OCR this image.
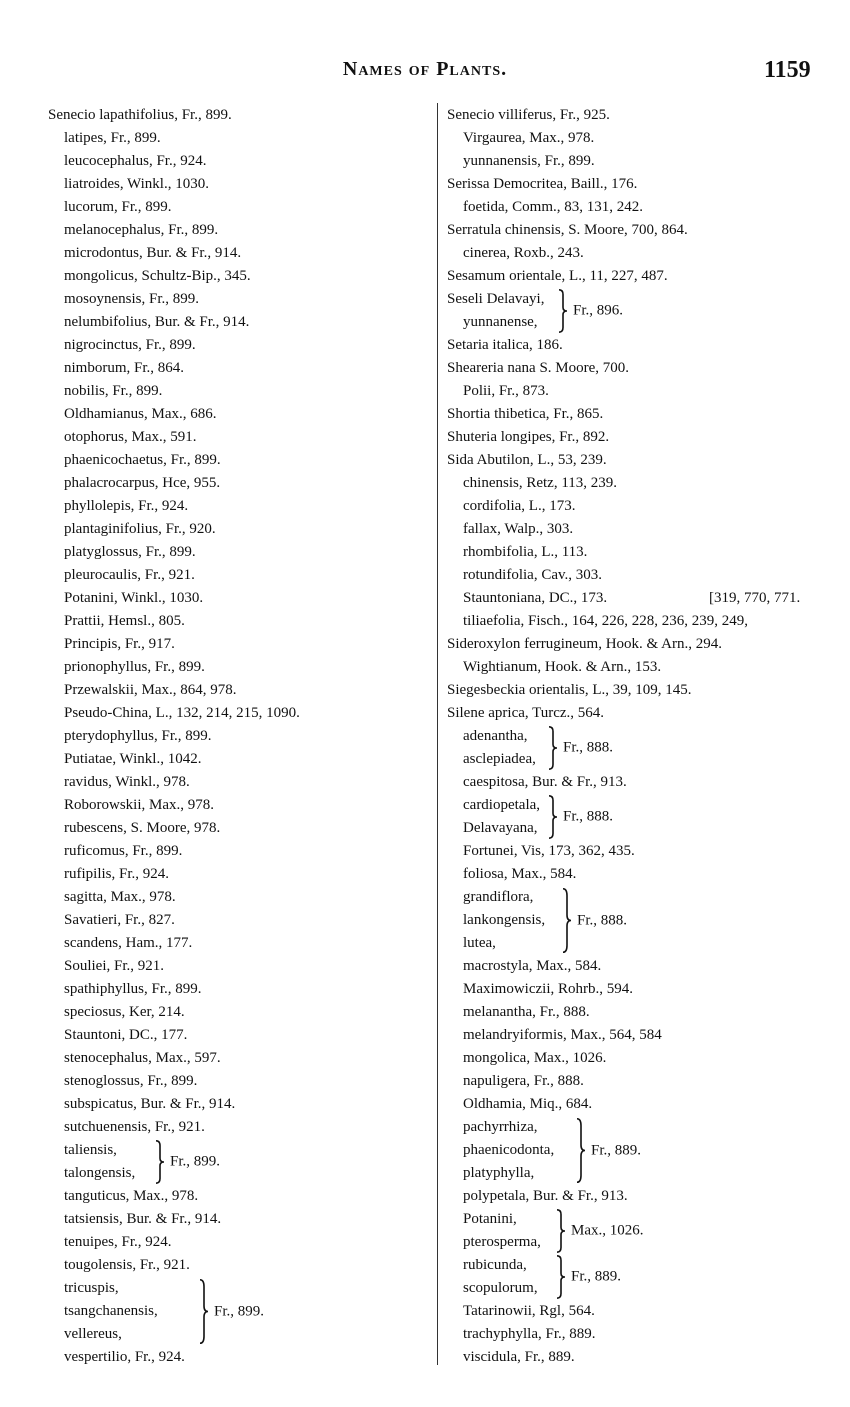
Names of Plants.	1159
Senecio lapathifolius, Fr., 899.
latipes, Fr., 899.
leucocephalus, Fr., 924.
liatroides, Winkl., 1030.
lucorum, Fr., 899.
melanocephalus, Fr., 899.
microdontus, Bur. & Fr., 914.
mongolicus, Schultz-Bip., 345.
mosoynensis, Fr., 899.
nelumbifolius, Bur. & Fr., 914.
nigrocinctus, Fr., 899.
nimborum, Fr., 864.
nobilis, Fr., 899.
Oldhamianus, Max., 686.
otophorus, Max., 591.
phaenicochaetus, Fr., 899.
phalacrocarpus, Hce, 955.
phyllolepis, Fr., 924.
plantaginifolius, Fr., 920.
platyglossus, Fr., 899.
pleurocaulis, Fr., 921.
Potanini, Winkl., 1030.
Prattii, Hemsl., 805.
Principis, Fr., 917.
prionophyllus, Fr., 899.
Przewalskii, Max., 864, 978.
Pseudo-China, L., 132, 214, 215, 1090.
pterydophyllus, Fr., 899.
Putiatae, Winkl., 1042.
ravidus, Winkl., 978.
Roborowskii, Max., 978.
rubescens, S. Moore, 978.
ruficomus, Fr., 899.
rufipilis, Fr., 924.
sagitta, Max., 978.
Savatieri, Fr., 827.
scandens, Ham., 177.
Souliei, Fr., 921.
spathiphyllus, Fr., 899.
speciosus, Ker, 214.
Stauntoni, DC., 177.
stenocephalus, Max., 597.
stenoglossus, Fr., 899.
subspicatus, Bur. & Fr., 914.
sutchuenensis, Fr., 921.
taliensis,
talongensis,
Fr., 899.
tanguticus, Max., 978.
tatsiensis, Bur. & Fr., 914.
tenuipes, Fr., 924.
tougolensis, Fr., 921.
tricuspis,
tsangchanensis,
vellereus,
Fr., 899.
vespertilio, Fr., 924.
Senecio villiferus, Fr., 925.
Virgaurea, Max., 978.
yunnanensis, Fr., 899.
Serissa Democritea, Baill., 176.
foetida, Comm., 83, 131, 242.
Serratula chinensis, S. Moore, 700, 864.
cinerea, Roxb., 243.
Sesamum orientale, L., 11, 227, 487.
Seseli Delavayi,
yunnanense,
Fr., 896.
Setaria italica, 186.
Sheareria nana S. Moore, 700.
Polii, Fr., 873.
Shortia thibetica, Fr., 865.
Shuteria longipes, Fr., 892.
Sida Abutilon, L., 53, 239.
chinensis, Retz, 113, 239.
cordifolia, L., 173.
fallax, Walp., 303.
rhombifolia, L., 113.
rotundifolia, Cav., 303.
Stauntoniana, DC., 173.	[319, 770, 771.
tiliaefolia, Fisch., 164, 226, 228, 236, 239, 249,
Sideroxylon ferrugineum, Hook. & Arn., 294.
Wightianum, Hook. & Arn., 153.
Siegesbeckia orientalis, L., 39, 109, 145.
Silene aprica, Turcz., 564.
adenantha,
asclepiadea,
Fr., 888.
caespitosa, Bur. & Fr., 913.
cardiopetala,
Delavayana,
Fr., 888.
Fortunei, Vis, 173, 362, 435.
foliosa, Max., 584.
grandiflora,
lankongensis,
lutea,
Fr., 888.
macrostyla, Max., 584.
Maximowiczii, Rohrb., 594.
melanantha, Fr., 888.
melandryiformis, Max., 564, 584
mongolica, Max., 1026.
napuligera, Fr., 888.
Oldhamia, Miq., 684.
pachyrrhiza,
phaenicodonta,
platyphylla,
Fr., 889.
polypetala, Bur. & Fr., 913.
Potanini,
pterosperma,
Max., 1026.
rubicunda,
scopulorum,
Fr., 889.
Tatarinowii, Rgl, 564.
trachyphylla, Fr., 889.
viscidula, Fr., 889.
